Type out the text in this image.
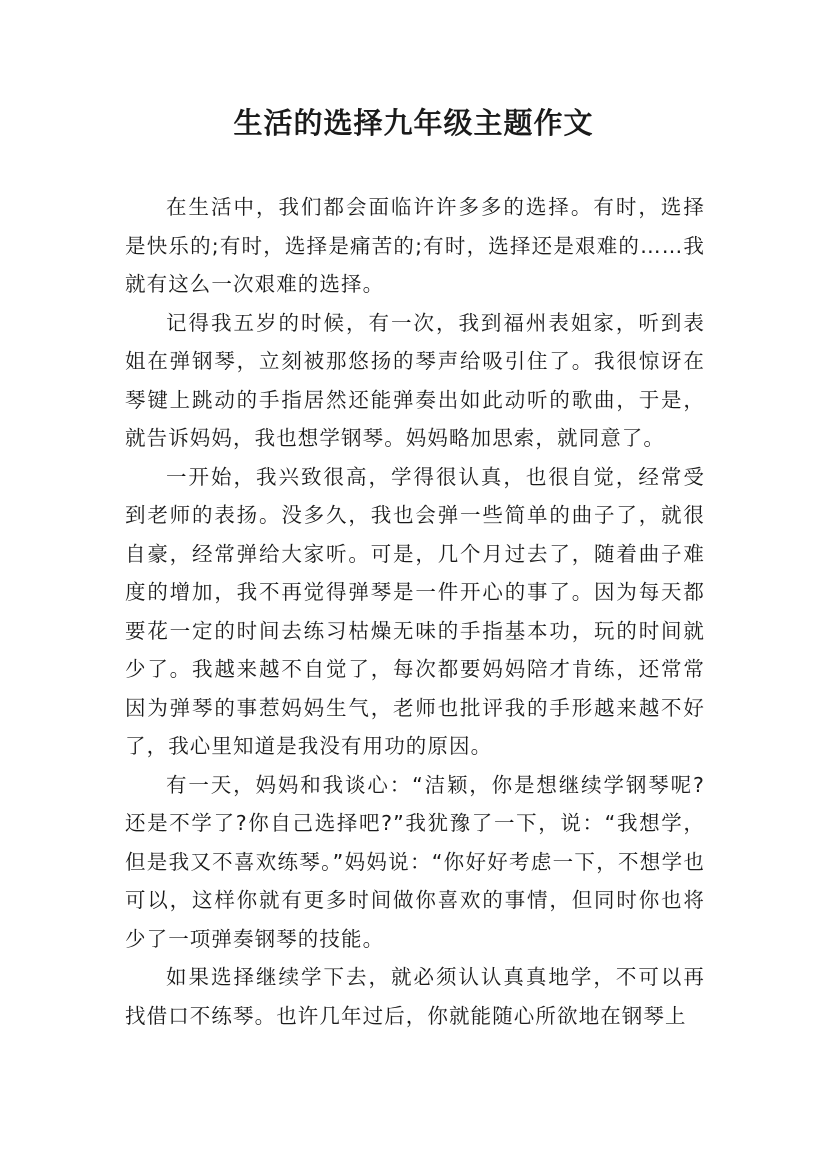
生活的选择九年级主题作文

在生活中，我们都会面临许许多多的选择。有时，选择是快乐的;有时，选择是痛苦的;有时，选择还是艰难的……我就有这么一次艰难的选择。

记得我五岁的时候，有一次，我到福州表姐家，听到表姐在弹钢琴，立刻被那悠扬的琴声给吸引住了。我很惊讶在琴键上跳动的手指居然还能弹奏出如此动听的歌曲，于是，就告诉妈妈，我也想学钢琴。妈妈略加思索，就同意了。

一开始，我兴致很高，学得很认真，也很自觉，经常受到老师的表扬。没多久，我也会弹一些简单的曲子了，就很自豪，经常弹给大家听。可是，几个月过去了，随着曲子难度的增加，我不再觉得弹琴是一件开心的事了。因为每天都要花一定的时间去练习枯燥无味的手指基本功，玩的时间就少了。我越来越不自觉了，每次都要妈妈陪才肯练，还常常因为弹琴的事惹妈妈生气，老师也批评我的手形越来越不好了，我心里知道是我没有用功的原因。

有一天，妈妈和我谈心：“洁颖，你是想继续学钢琴呢?还是不学了?你自己选择吧?”我犹豫了一下，说：“我想学，但是我又不喜欢练琴。”妈妈说：“你好好考虑一下，不想学也可以，这样你就有更多时间做你喜欢的事情，但同时你也将少了一项弹奏钢琴的技能。

如果选择继续学下去，就必须认认真真地学，不可以再找借口不练琴。也许几年过后，你就能随心所欲地在钢琴上
